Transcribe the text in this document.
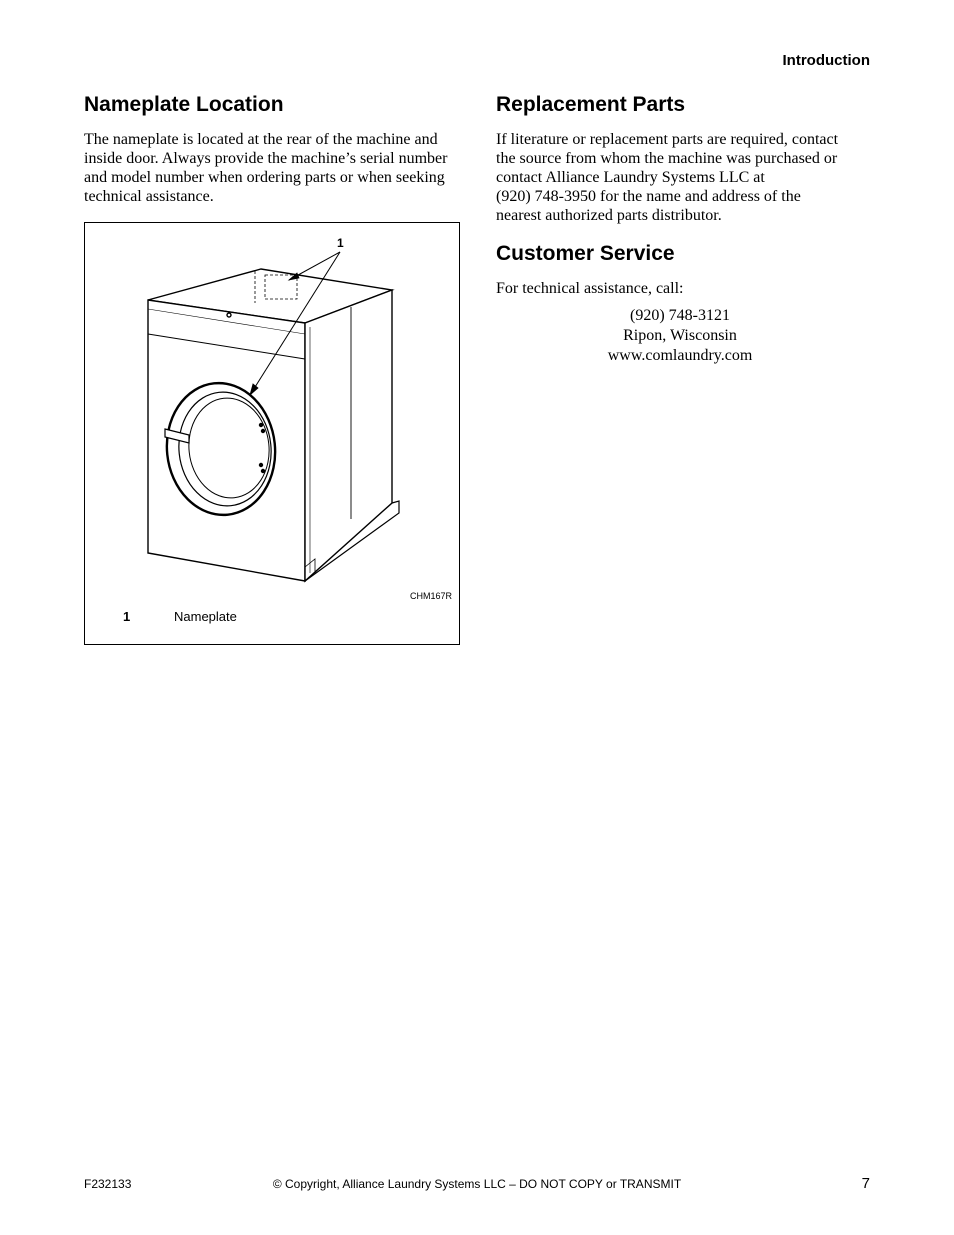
Introduction
Nameplate Location

The nameplate is located at the rear of the machine and inside door. Always provide the machine’s serial number and model number when ordering parts or when seeking technical assistance.

1
CHM167R
1	Nameplate
Replacement Parts

If literature or replacement parts are required, contact
the source from whom the machine was purchased or
contact Alliance Laundry Systems LLC at
(920) 748-3950 for the name and address of the
nearest authorized parts distributor.

Customer Service

For technical assistance, call:

(920) 748-3121
Ripon, Wisconsin
www.comlaundry.com
F232133	© Copyright, Alliance Laundry Systems LLC – DO NOT COPY or TRANSMIT	7
